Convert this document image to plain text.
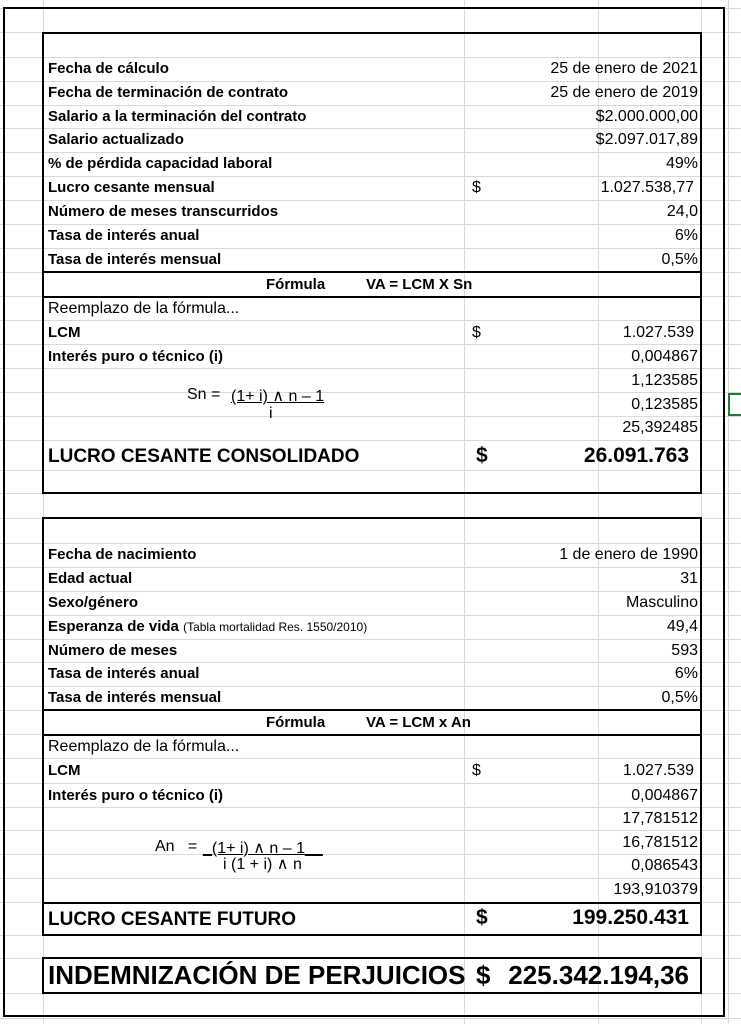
Fecha de cálculo	25 de enero de 2021
Fecha de terminación de contrato	25 de enero de 2019
Salario a la terminación del contrato	$2.000.000,00
Salario actualizado	$2.097.017,89
% de pérdida capacidad laboral	49%
Lucro cesante mensual	$	1.027.538,77
Número de meses transcurridos	24,0
Tasa de interés anual	6%
Tasa de interés mensual	0,5%
Fórmula	VA = LCM X Sn
Reemplazo de la fórmula...
LCM	$	1.027.539
Interés puro o técnico (i)	0,004867
1,123585
0,123585
25,392485
Sn = (1+ i) ∧ n – 1
i
LUCRO CESANTE CONSOLIDADO	$	26.091.763
Fecha de nacimiento	1 de enero de 1990
Edad actual	31
Sexo/género	Masculino
Esperanza de vida (Tabla mortalidad Res. 1550/2010)	49,4
Número de meses	593
Tasa de interés anual	6%
Tasa de interés mensual	0,5%
Fórmula	VA = LCM x An
Reemplazo de la fórmula...
LCM	$	1.027.539
Interés puro o técnico (i)	0,004867
17,781512
16,781512
0,086543
193,910379
An   = _(1+ i) ∧ n – 1__
i (1 + i) ∧ n
LUCRO CESANTE FUTURO	$	199.250.431
INDEMNIZACIÓN DE PERJUICIOS $ 225.342.194,36
